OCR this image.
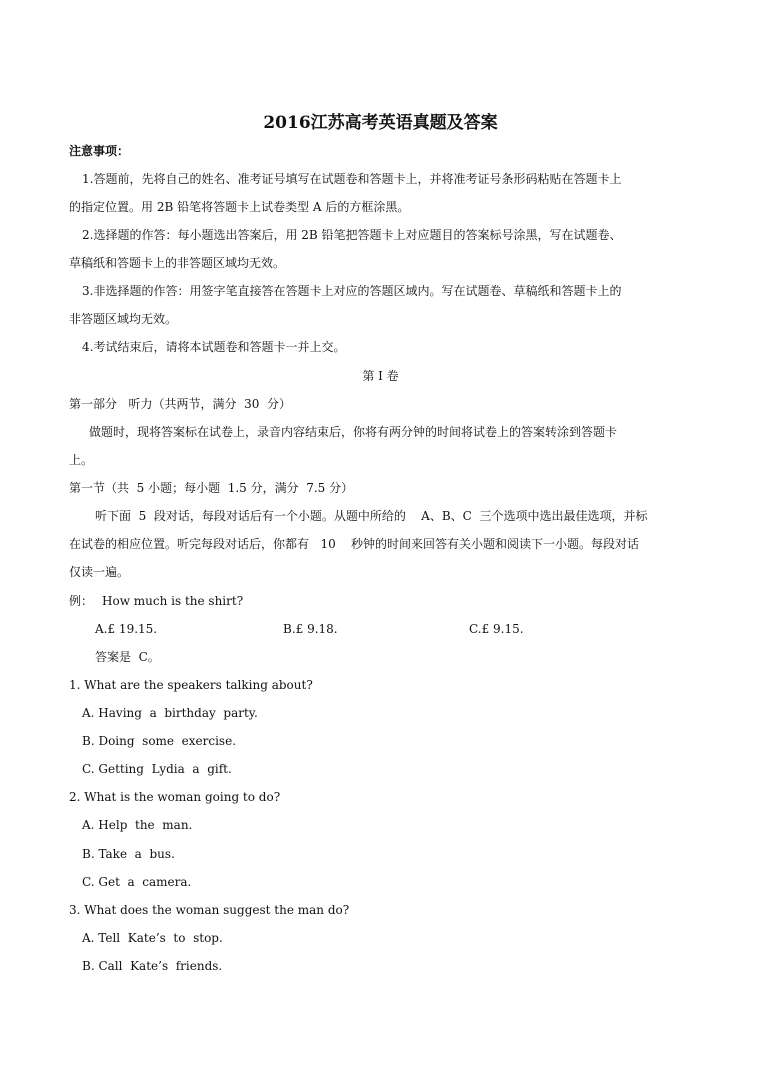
2016江苏高考英语真题及答案
注意事项：
1.答题前，先将自己的姓名、准考证号填写在试题卷和答题卡上，并将准考证号条形码粘贴在答题卡上
的指定位置。用 2B 铅笔将答题卡上试卷类型 A 后的方框涂黑。
2.选择题的作答：每小题选出答案后，用 2B 铅笔把答题卡上对应题目的答案标号涂黑，写在试题卷、
草稿纸和答题卡上的非答题区域均无效。
3.非选择题的作答：用签字笔直接答在答题卡上对应的答题区域内。写在试题卷、草稿纸和答题卡上的
非答题区域均无效。
4.考试结束后，请将本试题卷和答题卡一并上交。
第 I 卷
第一部分   听力（共两节，满分  30  分）
做题时，现将答案标在试卷上，录音内容结束后，你将有两分钟的时间将试卷上的答案转涂到答题卡
上。
第一节（共  5 小题；每小题  1.5 分，满分  7.5 分）
听下面  5  段对话，每段对话后有一个小题。从题中所给的    A、B、C  三个选项中选出最佳选项，并标
在试卷的相应位置。听完每段对话后，你都有   10    秒钟的时间来回答有关小题和阅读下一小题。每段对话
仅读一遍。
例： How much is the shirt?
A.£ 19.15.	B.£ 9.18.	C.£ 9.15.
答案是  C。
1. What are the speakers talking about?
A. Having  a  birthday  party.
B. Doing  some  exercise.
C. Getting  Lydia  a  gift.
2. What is the woman going to do?
A. Help  the  man.
B. Take  a  bus.
C. Get  a  camera.
3. What does the woman suggest the man do?
A. Tell  Kate’s  to  stop.
B. Call  Kate’s  friends.
